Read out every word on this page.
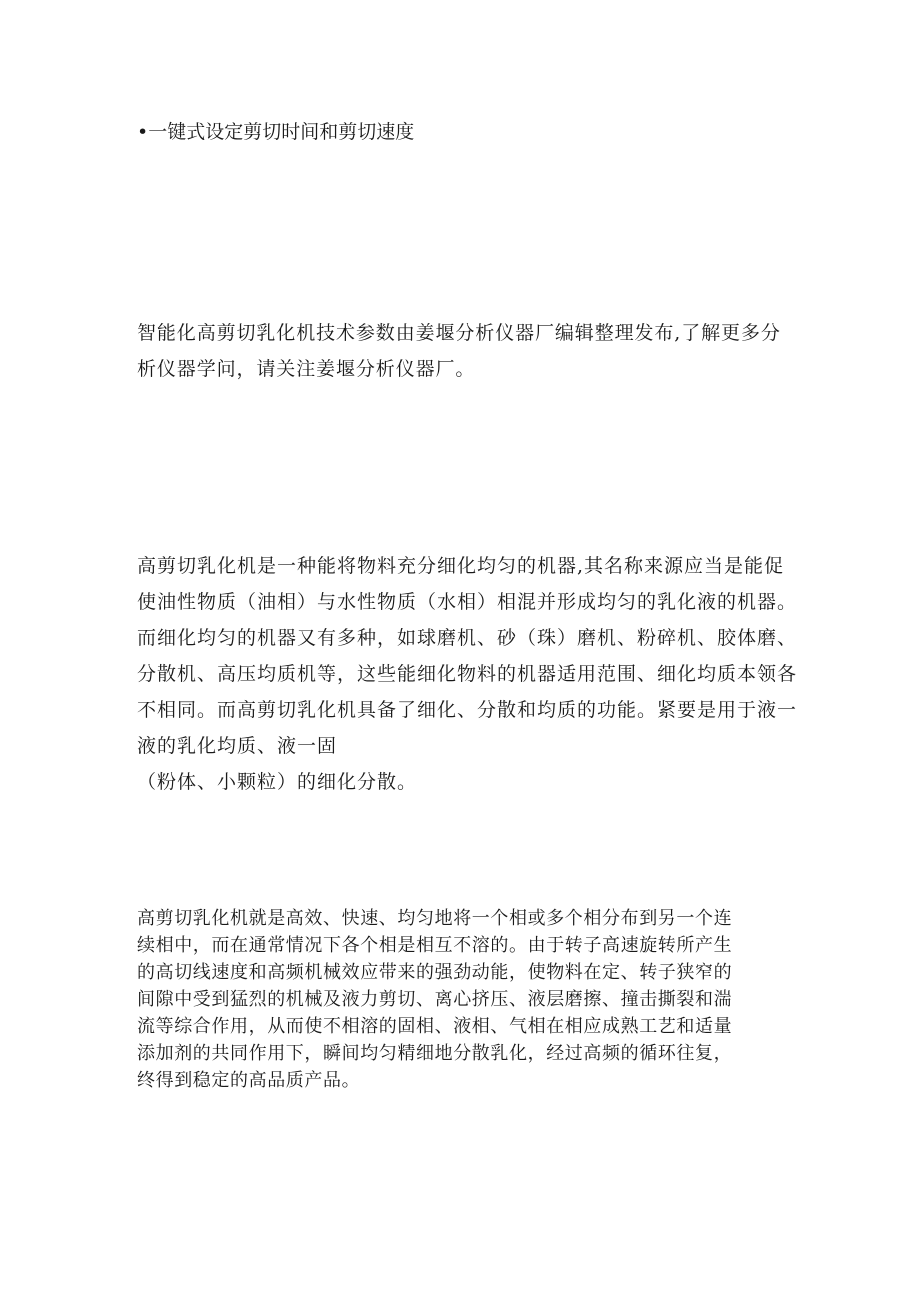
•一键式设定剪切时间和剪切速度

智能化高剪切乳化机技术参数由姜堰分析仪器厂编辑整理发布,了解更多分
析仪器学问，请关注姜堰分析仪器厂。

高剪切乳化机是一种能将物料充分细化均匀的机器,其名称来源应当是能促
使油性物质（油相）与水性物质（水相）相混并形成均匀的乳化液的机器。
而细化均匀的机器又有多种，如球磨机、砂（珠）磨机、粉碎机、胶体磨、
分散机、高压均质机等，这些能细化物料的机器适用范围、细化均质本领各
不相同。而高剪切乳化机具备了细化、分散和均质的功能。紧要是用于液一
液的乳化均质、液一固
（粉体、小颗粒）的细化分散。

高剪切乳化机就是高效、快速、均匀地将一个相或多个相分布到另一个连
续相中，而在通常情况下各个相是相互不溶的。由于转子高速旋转所产生
的高切线速度和高频机械效应带来的强劲动能，使物料在定、转子狭窄的
间隙中受到猛烈的机械及液力剪切、离心挤压、液层磨擦、撞击撕裂和湍
流等综合作用，从而使不相溶的固相、液相、气相在相应成熟工艺和适量
添加剂的共同作用下，瞬间均匀精细地分散乳化，经过高频的循环往复，
终得到稳定的高品质产品。
